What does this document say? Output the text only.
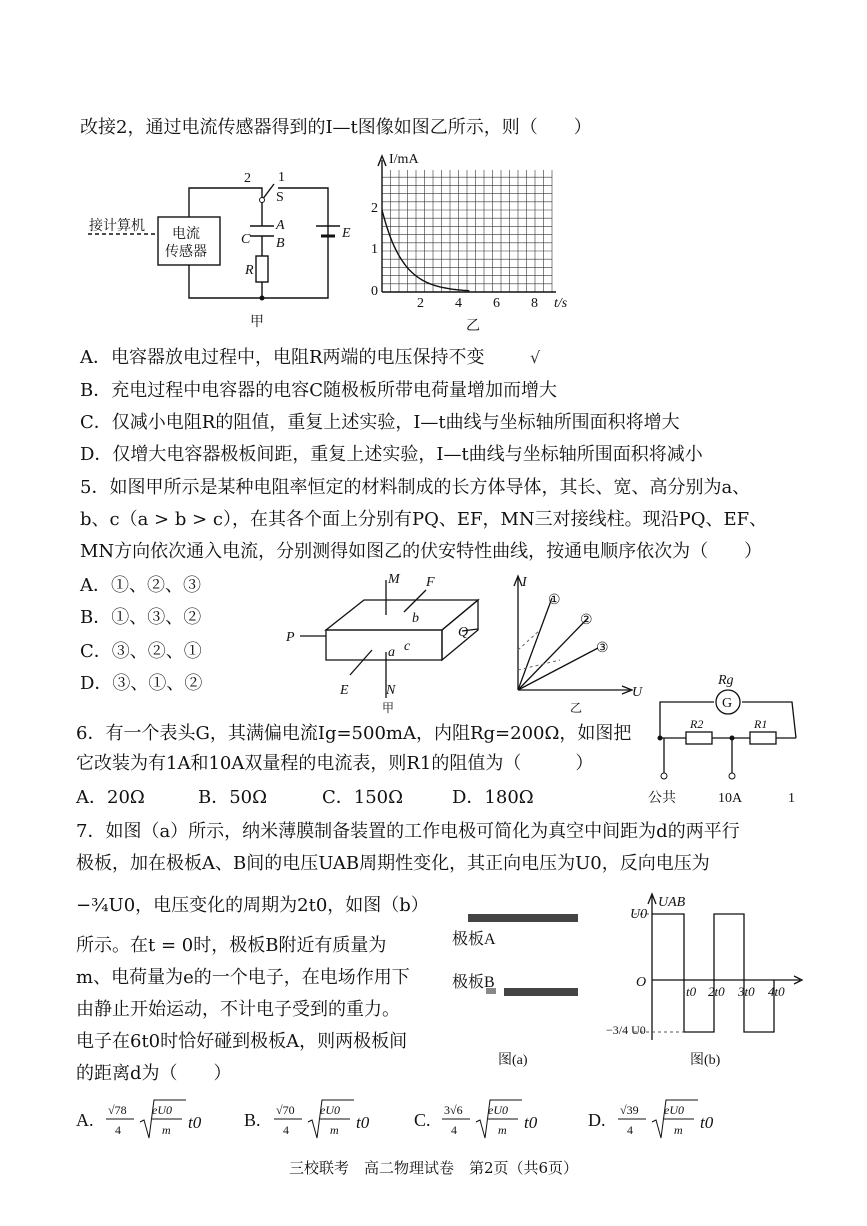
改接2，通过电流传感器得到的I—t图像如图乙所示，则（　　）
接计算机
电流
传感器
2 1
S
A
B
C
R
E
甲
I/mA
2
1
0
2 4 6 8 t/s
乙
A．电容器放电过程中，电阻R两端的电压保持不变	√
B．充电过程中电容器的电容C随极板所带电荷量增加而增大
C．仅减小电阻R的阻值，重复上述实验，I—t曲线与坐标轴所围面积将增大
D．仅增大电容器极板间距，重复上述实验，I—t曲线与坐标轴所围面积将减小
5．如图甲所示是某种电阻率恒定的材料制成的长方体导体，其长、宽、高分别为a、
b、c（a > b > c），在其各个面上分别有PQ、EF，MN三对接线柱。现沿PQ、EF、
MN方向依次通入电流，分别测得如图乙的伏安特性曲线，按通电顺序依次为（　　）
A．①、②、③
B．①、③、②
C．③、②、①
D．③、①、②
M F
P	Q
E	N
a
b
c
甲
I
U
①
②
③
乙
6．有一个表头G，其满偏电流Ig=500mA，内阻Rg=200Ω，如图把
它改装为有1A和10A双量程的电流表，则R1的阻值为（　　　）
A．20Ω	B．50Ω	C．150Ω	D．180Ω
G
Rg
R2	R1
公共	10A	1
7．如图（a）所示，纳米薄膜制备装置的工作电极可简化为真空中间距为d的两平行
极板，加在极板A、B间的电压UAB周期性变化，其正向电压为U0，反向电压为
−¾U0，电压变化的周期为2t0，如图（b）
所示。在t = 0时，极板B附近有质量为
m、电荷量为e的一个电子，在电场作用下
由静止开始运动，不计电子受到的重力。
电子在6t0时恰好碰到极板A，则两极板间
的距离d为（　　）
极板A
极板B
图(a)
UAB
U0
O
−3/4 U0
t0 2t0 3t0 4t0
图(b)
A. √78
4
eU0
m t0 B. √70
4
eU0
m t0 C. 3√6
4
eU0
m t0	D. √39
4
eU0
m t0
三校联考　高二物理试卷　第2页（共6页）
